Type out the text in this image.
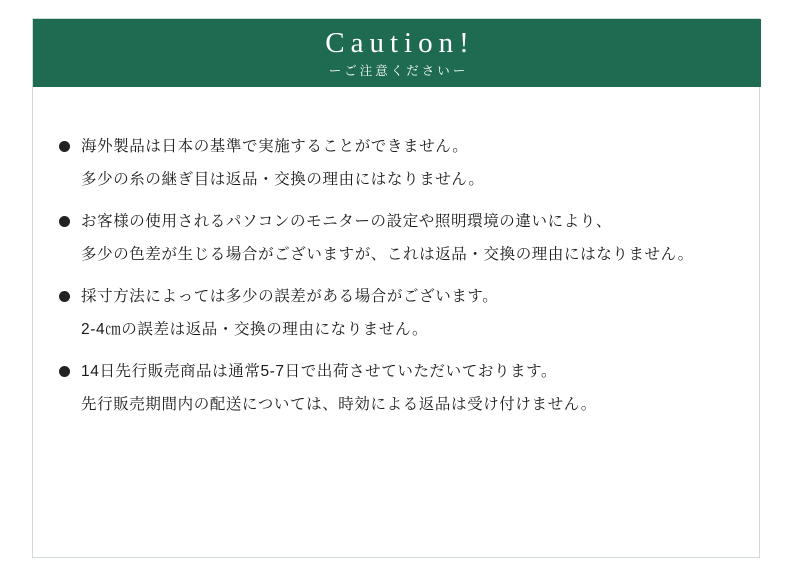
Caution!
ーご注意くださいー
海外製品は日本の基準で実施することができません。
多少の糸の継ぎ目は返品・交換の理由にはなりません。
お客様の使用されるパソコンのモニターの設定や照明環境の違いにより、
多少の色差が生じる場合がございますが、これは返品・交換の理由にはなりません。
採寸方法によっては多少の誤差がある場合がございます。
2-4㎝の誤差は返品・交換の理由になりません。
14日先行販売商品は通常5-7日で出荷させていただいております。
先行販売期間内の配送については、時効による返品は受け付けません。
